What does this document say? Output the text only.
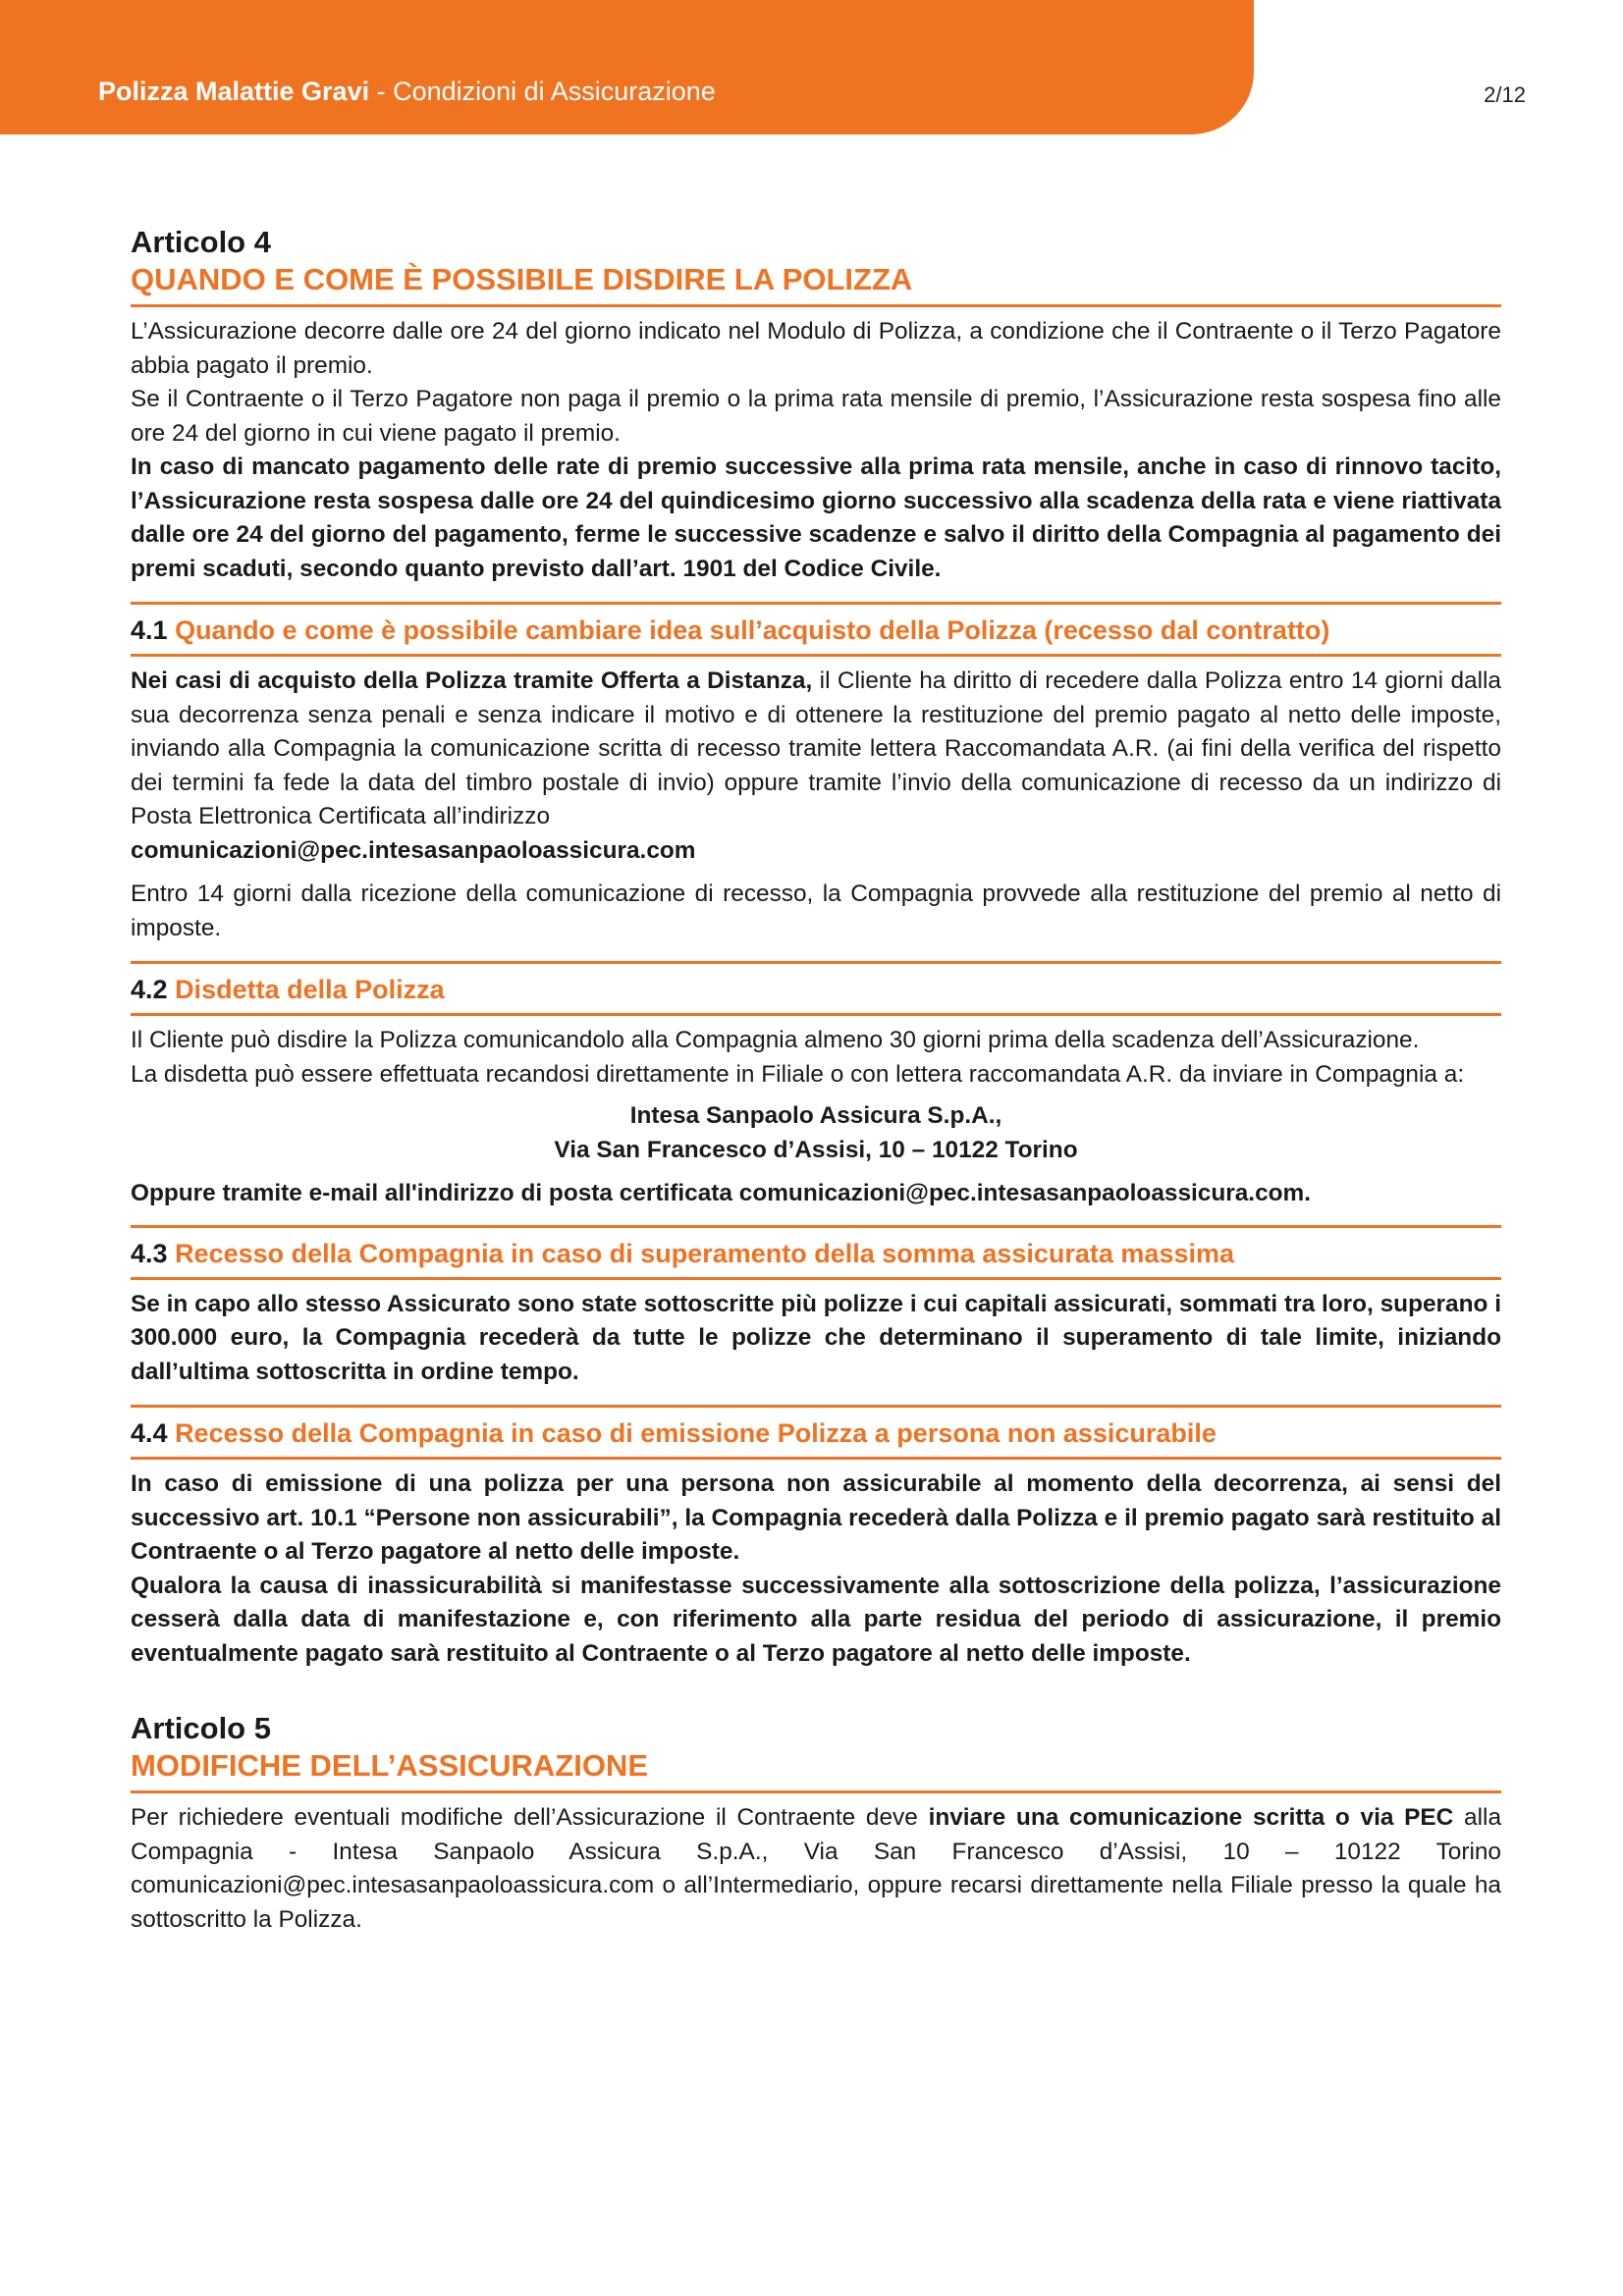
Polizza Malattie Gravi - Condizioni di Assicurazione	2/12
Articolo 4
QUANDO E COME È POSSIBILE DISDIRE LA POLIZZA

L’Assicurazione decorre dalle ore 24 del giorno indicato nel Modulo di Polizza, a condizione che il Contraente o il Terzo Pagatore abbia pagato il premio.

Se il Contraente o il Terzo Pagatore non paga il premio o la prima rata mensile di premio, l’Assicurazione resta sospesa fino alle ore 24 del giorno in cui viene pagato il premio.

In caso di mancato pagamento delle rate di premio successive alla prima rata mensile, anche in caso di rinnovo tacito, l’Assicurazione resta sospesa dalle ore 24 del quindicesimo giorno successivo alla scadenza della rata e viene riattivata dalle ore 24 del giorno del pagamento, ferme le successive scadenze e salvo il diritto della Compagnia al pagamento dei premi scaduti, secondo quanto previsto dall’art. 1901 del Codice Civile.

4.1 Quando e come è possibile cambiare idea sull’acquisto della Polizza (recesso dal contratto)

Nei casi di acquisto della Polizza tramite Offerta a Distanza, il Cliente ha diritto di recedere dalla Polizza entro 14 giorni dalla sua decorrenza senza penali e senza indicare il motivo e di ottenere la restituzione del premio pagato al netto delle imposte, inviando alla Compagnia la comunicazione scritta di recesso tramite lettera Raccomandata A.R. (ai fini della verifica del rispetto dei termini fa fede la data del timbro postale di invio) oppure tramite l’invio della comunicazione di recesso da un indirizzo di Posta Elettronica Certificata all’indirizzo

comunicazioni@pec.intesasanpaoloassicura.com

Entro 14 giorni dalla ricezione della comunicazione di recesso, la Compagnia provvede alla restituzione del premio al netto di imposte.

4.2 Disdetta della Polizza

Il Cliente può disdire la Polizza comunicandolo alla Compagnia almeno 30 giorni prima della scadenza dell’Assicurazione.

La disdetta può essere effettuata recandosi direttamente in Filiale o con lettera raccomandata A.R. da inviare in Compagnia a:

Intesa Sanpaolo Assicura S.p.A.,
Via San Francesco d’Assisi, 10 – 10122 Torino

Oppure tramite e-mail all'indirizzo di posta certificata comunicazioni@pec.intesasanpaoloassicura.com.

4.3 Recesso della Compagnia in caso di superamento della somma assicurata massima

Se in capo allo stesso Assicurato sono state sottoscritte più polizze i cui capitali assicurati, sommati tra loro, superano i 300.000 euro, la Compagnia recederà da tutte le polizze che determinano il superamento di tale limite, iniziando dall’ultima sottoscritta in ordine tempo.

4.4 Recesso della Compagnia in caso di emissione Polizza a persona non assicurabile

In caso di emissione di una polizza per una persona non assicurabile al momento della decorrenza, ai sensi del successivo art. 10.1 “Persone non assicurabili”, la Compagnia recederà dalla Polizza e il premio pagato sarà restituito al Contraente o al Terzo pagatore al netto delle imposte.

Qualora la causa di inassicurabilità si manifestasse successivamente alla sottoscrizione della polizza, l’assicurazione cesserà dalla data di manifestazione e, con riferimento alla parte residua del periodo di assicurazione, il premio eventualmente pagato sarà restituito al Contraente o al Terzo pagatore al netto delle imposte.

Articolo 5
MODIFICHE DELL’ASSICURAZIONE

Per richiedere eventuali modifiche dell’Assicurazione il Contraente deve inviare una comunicazione scritta o via PEC alla Compagnia - Intesa Sanpaolo Assicura S.p.A., Via San Francesco d’Assisi, 10 – 10122 Torino comunicazioni@pec.intesasanpaoloassicura.com o all’Intermediario, oppure recarsi direttamente nella Filiale presso la quale ha sottoscritto la Polizza.
